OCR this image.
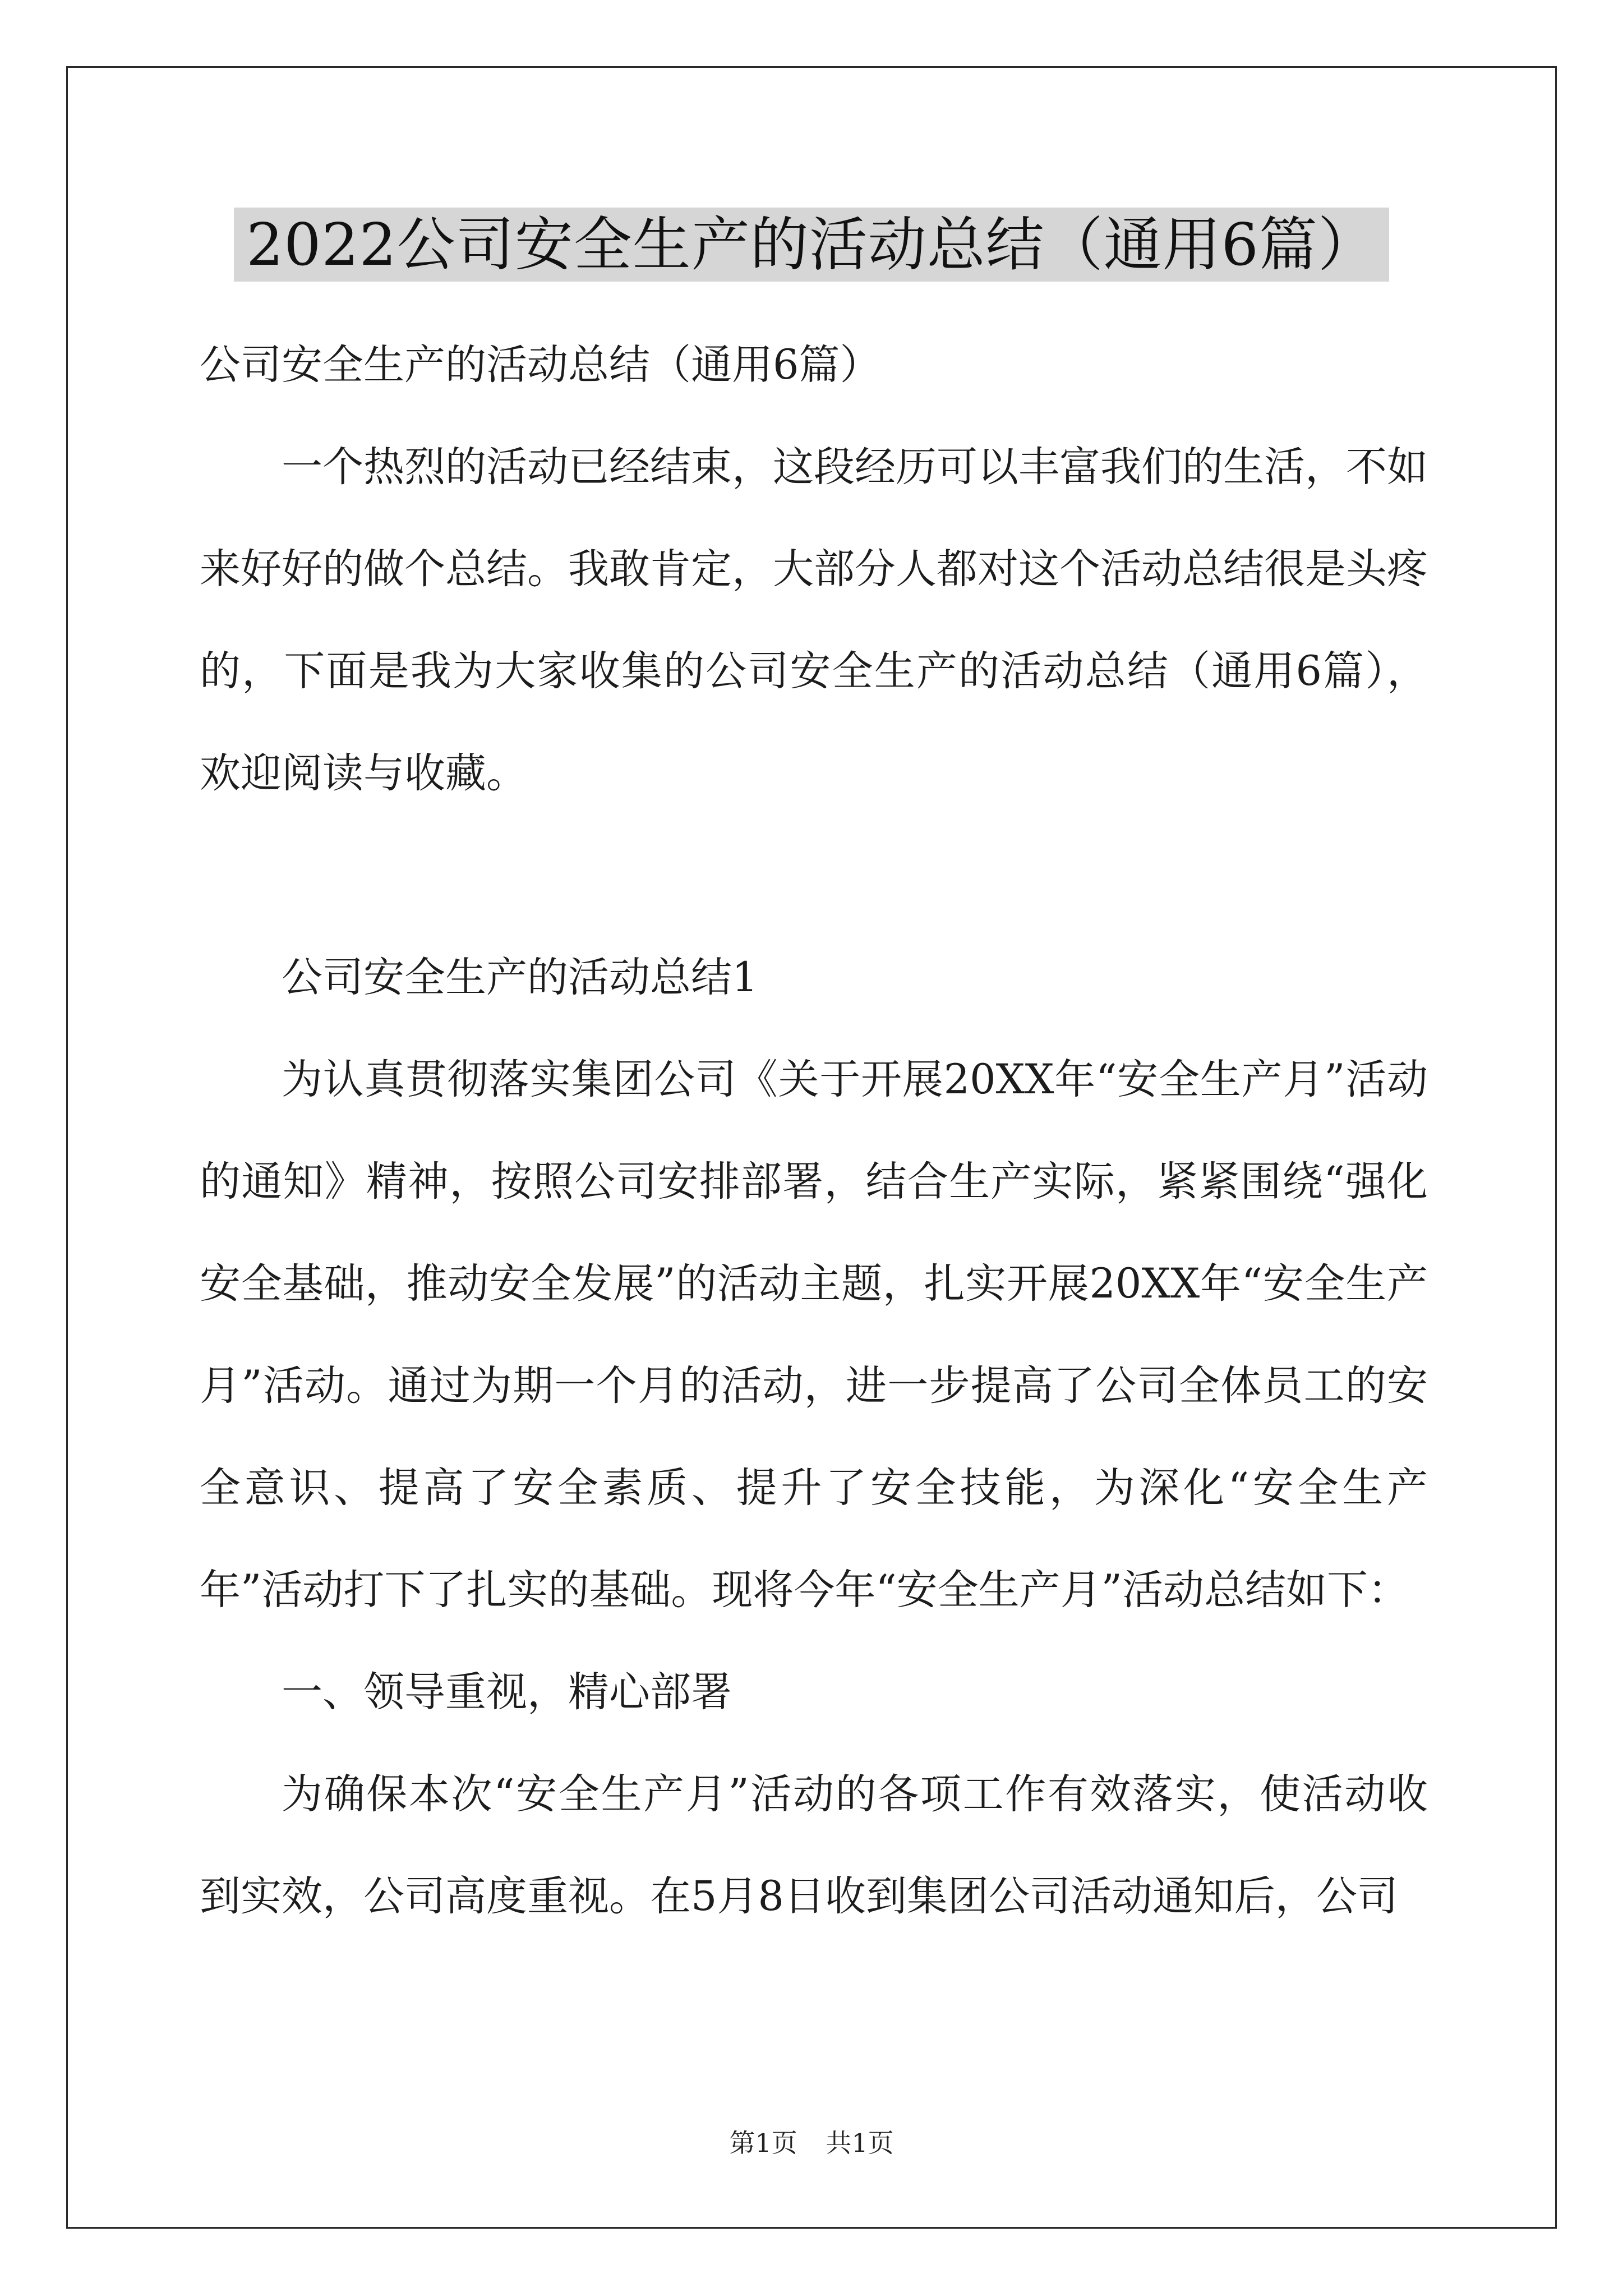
2022公司安全生产的活动总结（通用6篇）

公司安全生产的活动总结（通用6篇）

一个热烈的活动已经结束，这段经历可以丰富我们的生活，不如来好好的做个总结。我敢肯定，大部分人都对这个活动总结很是头疼的，下面是我为大家收集的公司安全生产的活动总结（通用6篇），欢迎阅读与收藏。

公司安全生产的活动总结1

为认真贯彻落实集团公司《关于开展20XX年“安全生产月”活动的通知》精神，按照公司安排部署，结合生产实际，紧紧围绕“强化安全基础，推动安全发展”的活动主题，扎实开展20XX年“安全生产月”活动。通过为期一个月的活动，进一步提高了公司全体员工的安全意识、提高了安全素质、提升了安全技能，为深化“安全生产年”活动打下了扎实的基础。现将今年“安全生产月”活动总结如下：

一、领导重视，精心部署

为确保本次“安全生产月”活动的各项工作有效落实，使活动收到实效，公司高度重视。在5月8日收到集团公司活动通知后，公司

第1页 共1页
